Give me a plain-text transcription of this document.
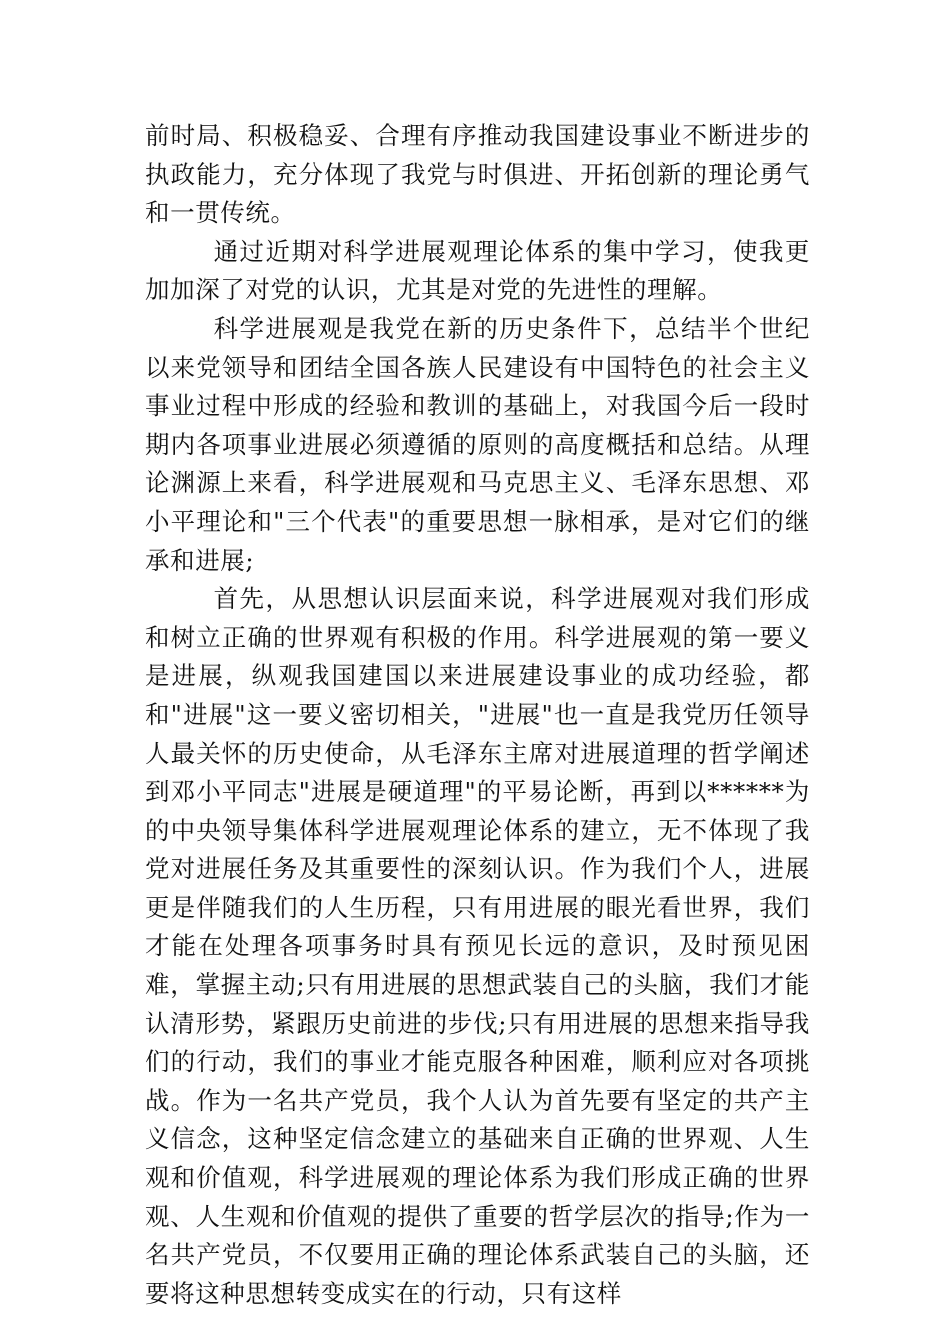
前时局、积极稳妥、合理有序推动我国建设事业不断进步的执政能力，充分体现了我党与时俱进、开拓创新的理论勇气和一贯传统。

通过近期对科学进展观理论体系的集中学习，使我更加加深了对党的认识，尤其是对党的先进性的理解。

科学进展观是我党在新的历史条件下，总结半个世纪以来党领导和团结全国各族人民建设有中国特色的社会主义事业过程中形成的经验和教训的基础上，对我国今后一段时期内各项事业进展必须遵循的原则的高度概括和总结。从理论渊源上来看，科学进展观和马克思主义、毛泽东思想、邓小平理论和"三个代表"的重要思想一脉相承，是对它们的继承和进展;

首先，从思想认识层面来说，科学进展观对我们形成和树立正确的世界观有积极的作用。科学进展观的第一要义是进展，纵观我国建国以来进展建设事业的成功经验，都和"进展"这一要义密切相关，"进展"也一直是我党历任领导人最关怀的历史使命，从毛泽东主席对进展道理的哲学阐述到邓小平同志"进展是硬道理"的平易论断，再到以******为的中央领导集体科学进展观理论体系的建立，无不体现了我党对进展任务及其重要性的深刻认识。作为我们个人，进展更是伴随我们的人生历程，只有用进展的眼光看世界，我们才能在处理各项事务时具有预见长远的意识，及时预见困难，掌握主动;只有用进展的思想武装自己的头脑，我们才能认清形势，紧跟历史前进的步伐;只有用进展的思想来指导我们的行动，我们的事业才能克服各种困难，顺利应对各项挑战。作为一名共产党员，我个人认为首先要有坚定的共产主义信念，这种坚定信念建立的基础来自正确的世界观、人生观和价值观，科学进展观的理论体系为我们形成正确的世界观、人生观和价值观的提供了重要的哲学层次的指导;作为一名共产党员，不仅要用正确的理论体系武装自己的头脑，还要将这种思想转变成实在的行动，只有这样
